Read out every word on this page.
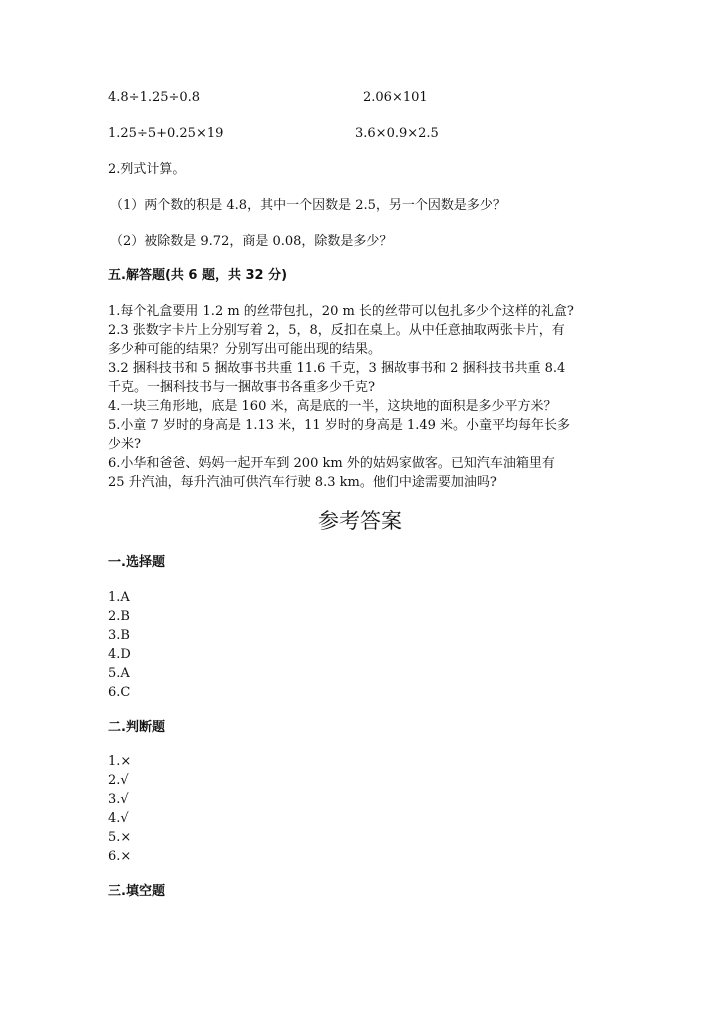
4.8÷1.25÷0.8	2.06×101
1.25÷5+0.25×19	3.6×0.9×2.5
2.列式计算。
（1）两个数的积是 4.8，其中一个因数是 2.5，另一个因数是多少？
（2）被除数是 9.72，商是 0.08，除数是多少？
五.解答题(共 6 题，共 32 分)
1.每个礼盒要用 1.2 m 的丝带包扎，20 m 长的丝带可以包扎多少个这样的礼盒?
2.3 张数字卡片上分别写着 2，5，8，反扣在桌上。从中任意抽取两张卡片，有
多少种可能的结果？分别写出可能出现的结果。
3.2 捆科技书和 5 捆故事书共重 11.6 千克，3 捆故事书和 2 捆科技书共重 8.4
千克。一捆科技书与一捆故事书各重多少千克?
4.一块三角形地，底是 160 米，高是底的一半，这块地的面积是多少平方米？
5.小童 7 岁时的身高是 1.13 米，11 岁时的身高是 1.49 米。小童平均每年长多
少米?
6.小华和爸爸、妈妈一起开车到 200 km 外的姑妈家做客。已知汽车油箱里有
25 升汽油，每升汽油可供汽车行驶 8.3 km。他们中途需要加油吗?
参考答案
一.选择题
1.A
2.B
3.B
4.D
5.A
6.C
二.判断题
1.×
2.√
3.√
4.√
5.×
6.×
三.填空题
